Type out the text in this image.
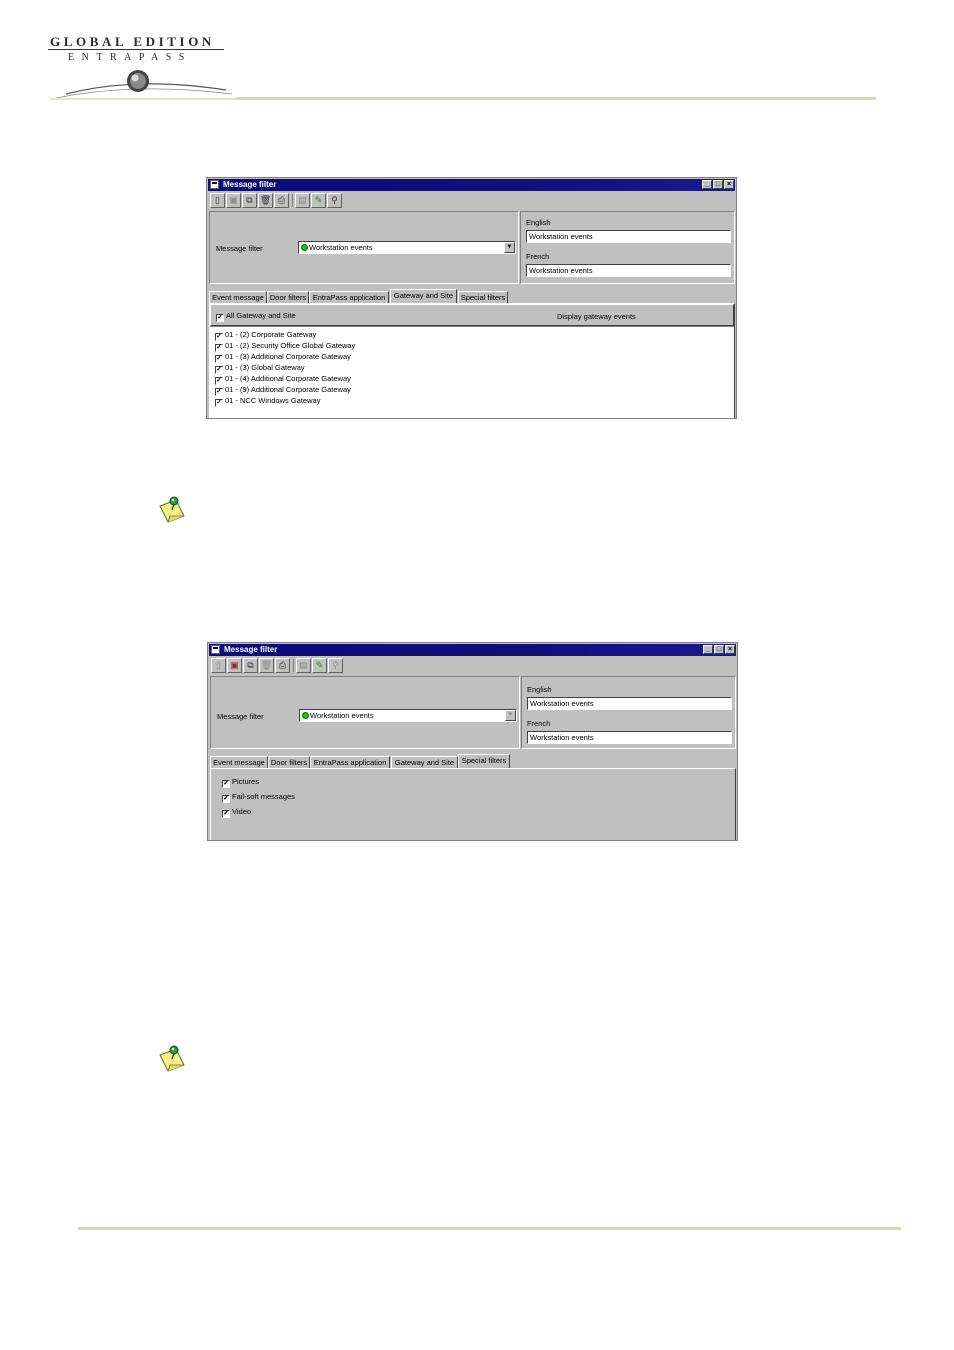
GLOBAL EDITION
ENTRAPASS
Message filter	_ □ ×
▯	▣ ⧉ 🗑 ⎙	▤ ✎ ⚲
Message filter	Workstation events	▼
English
Workstation events
French
Workstation events
Event message Door filters EntraPass application	Gateway and Site	Special filters
✓ All Gateway and Site	Display gateway events
✓ 01 - (2) Corporate Gateway
✓ 01 - (2) Security Office Global Gateway
✓ 01 - (3) Additional Corporate Gateway
✓ 01 - (3) Global Gateway
✓ 01 - (4) Additional Corporate Gateway
✓ 01 - (9) Additional Corporate Gateway
✓ 01 - NCC Windows Gateway
Message filter	_ □ ×
▯	▣ ⧉ 🗑 ⎙	▤ ✎ ⚲
Message filter	Workstation events	▼
English
Workstation events
French
Workstation events
Event message Door filters EntraPass application	Gateway and Site	Special filters
✓ Pictures
✓ Fail-soft messages
✓ Video
